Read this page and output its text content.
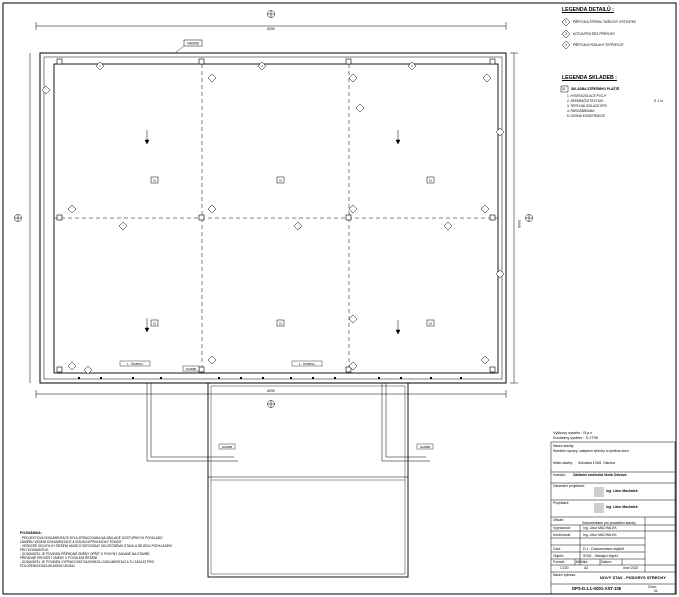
6290
3440
6290
NA0088
1	2	3
01	01	01
01	01	01
1 - ŠTRBINA	1 - ŠTRBINA
NA0088
NA0088	NA0088
LEGENDA DETAILŮ :
PŘÍPOJKA ŠTĚRKU TAŠKOVÝ VÝSTUPEK
KOTVA PRO ŘEZ PŘÍPOJKY
PŘÍPOJKA PODLAHY ŠÍ PŘIPOJIT
1
2
3
LEGENDA SKLADEB :
01 SKLADBA STŘEŠNÍHO PLÁŠTĚ
1. HYDROIZOLACE PVC-P
2. SEPARAČNÍ TEXTILIE
3. TEPELNÁ IZOLACE EPS
4. PAROZÁBRANA
5. NOSNÁ KONSTRUKCE
S. 1 m
POZNÁMKA:
- PROJEKTOVÁ DOKUMENTACE BYLA ZPRACOVÁNA NA ZÁKLADĚ DOSTUPNÝCH PODKLADŮ
ZÁMĚRU VEDENÍ DOKUMENTACE A VIZUÁLNÍ PROHLÍDKY STAVBY
- VEŠKERÉ ODCHYLKY ŘEŠENÍ MUSEJÍ ODPOVÍDAT SKUTEČNÉMU STAVU A NEJSOU PODKLADEM
PRO DODAVATELE
- DODAVATEL JE POVINEN PŘÍPADNÉ ZMĚNY OPŘÍT O POKYNY ZADANÉ NA STAVBĚ,
PŘÍPADNĚ PROVÉST ZMĚNY V POVOLENÍ ŘEŠENÍ
- DODAVATEL JE POVINEN VYPRACOVAT DÍLENSKOU DOKUMENTACI A TU ZASLAT PRO
POLOŽENÍ/ODSOUHLASENÍ ÚKONU
Výškový systém : B.p.v
Souřadný systém : S-JTSK
Název stavby:
Stavební úpravy, zateplení střechy a výměna oken
Místo stavby: Sokolská 176/6, Ostrava
Investor: Základní umělecká škola Ostrava
Generální projektant:
Ing. Libor Machálek
Projektant:
Ing. Libor Machálek
Obsah:
Dokumentace pro provádění stavby
Vypracoval:	Ing. Libor MACHÁLEK
Kontroloval:	Ing. Libor MACHÁLEK
Část:	D.1 - Dokumentace objektů
Objekt:	SO01 - Stávající objekt
Formát:
A3
Měřítko:
1:100
Datum:
únor 2023
Název výkresu:	NOVÝ STAV - PŮDORYS STŘECHY
DPS-D.1.1-S001-AST-105	Číslo:
01
